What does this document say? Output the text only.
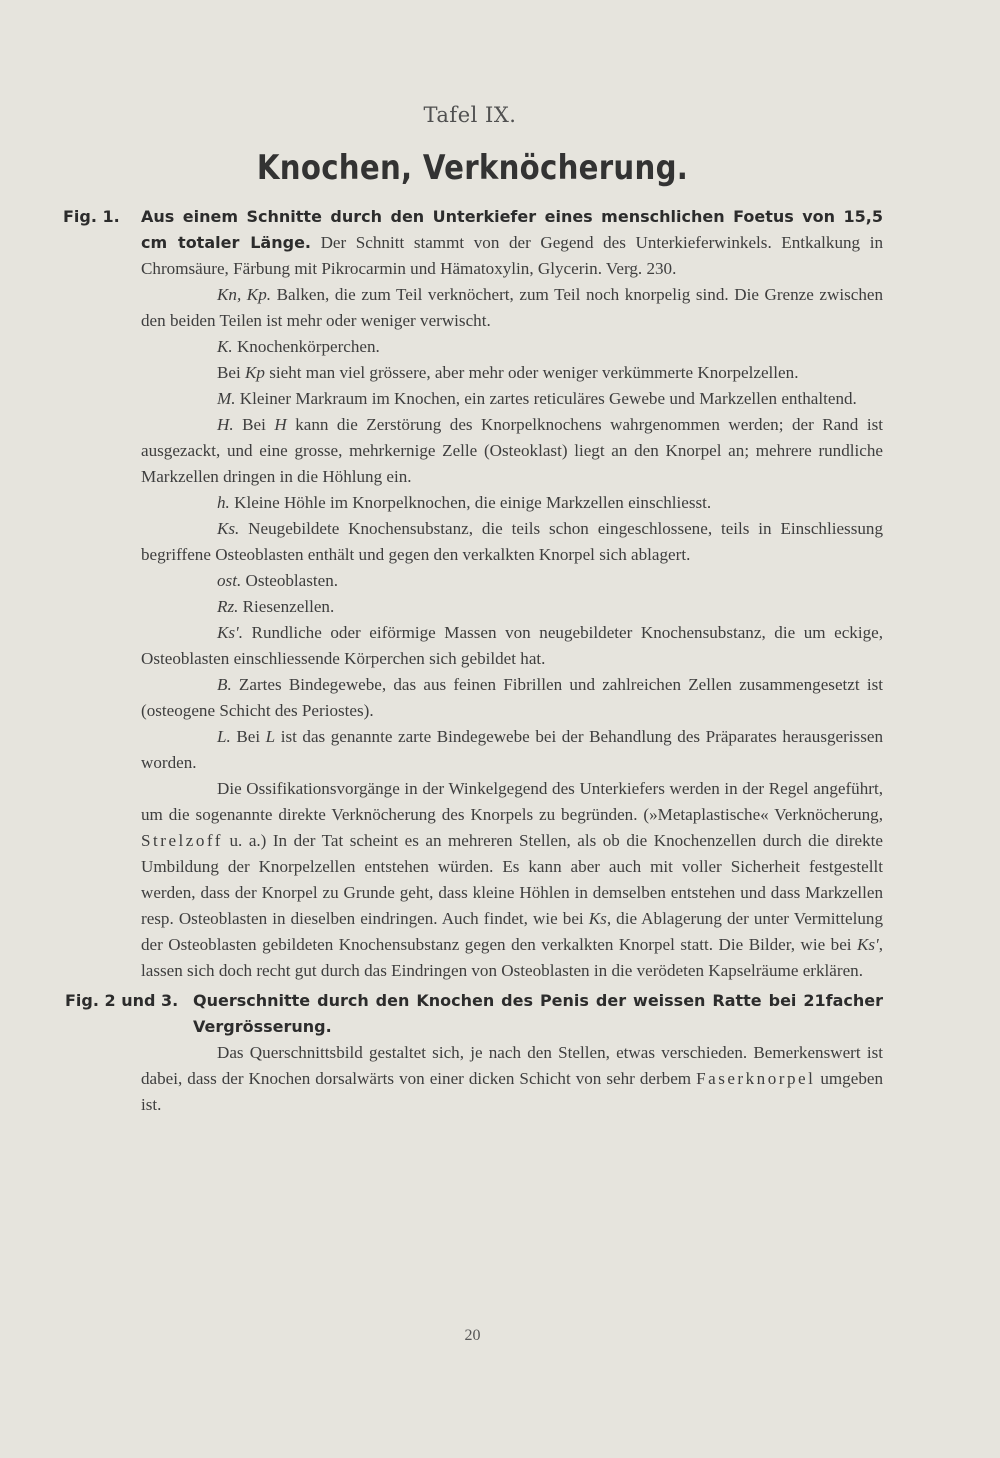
Tafel IX.
Knochen, Verknöcherung.
Fig. 1. Aus einem Schnitte durch den Unterkiefer eines menschlichen Foetus von 15,5 cm totaler Länge. Der Schnitt stammt von der Gegend des Unterkieferwinkels. Entkalkung in Chromsäure, Färbung mit Pikrocarmin und Hämatoxylin, Glycerin. Verg. 230.

Kn, Kp. Balken, die zum Teil verknöchert, zum Teil noch knorpelig sind. Die Grenze zwischen den beiden Teilen ist mehr oder weniger verwischt.

K. Knochenkörperchen.

Bei Kp sieht man viel grössere, aber mehr oder weniger verkümmerte Knorpelzellen.

M. Kleiner Markraum im Knochen, ein zartes reticuläres Gewebe und Markzellen enthaltend.

H. Bei H kann die Zerstörung des Knorpelknochens wahrgenommen werden; der Rand ist ausgezackt, und eine grosse, mehrkernige Zelle (Osteoklast) liegt an den Knorpel an; mehrere rundliche Markzellen dringen in die Höhlung ein.

h. Kleine Höhle im Knorpelknochen, die einige Markzellen einschliesst.

Ks. Neugebildete Knochensubstanz, die teils schon eingeschlossene, teils in Einschliessung begriffene Osteoblasten enthält und gegen den verkalkten Knorpel sich ablagert.

ost. Osteoblasten.

Rz. Riesenzellen.

Ks'. Rundliche oder eiförmige Massen von neugebildeter Knochensubstanz, die um eckige, Osteoblasten einschliessende Körperchen sich gebildet hat.

B. Zartes Bindegewebe, das aus feinen Fibrillen und zahlreichen Zellen zusammengesetzt ist (osteogene Schicht des Periostes).

L. Bei L ist das genannte zarte Bindegewebe bei der Behandlung des Präparates herausgerissen worden.

Die Ossifikationsvorgänge in der Winkelgegend des Unterkiefers werden in der Regel angeführt, um die sogenannte direkte Verknöcherung des Knorpels zu begründen. (»Metaplastische« Verknöcherung, Strelzoff u. a.) In der Tat scheint es an mehreren Stellen, als ob die Knochenzellen durch die direkte Umbildung der Knorpelzellen entstehen würden. Es kann aber auch mit voller Sicherheit festgestellt werden, dass der Knorpel zu Grunde geht, dass kleine Höhlen in demselben entstehen und dass Markzellen resp. Osteoblasten in dieselben eindringen. Auch findet, wie bei Ks, die Ablagerung der unter Vermittelung der Osteoblasten gebildeten Knochensubstanz gegen den verkalkten Knorpel statt. Die Bilder, wie bei Ks', lassen sich doch recht gut durch das Eindringen von Osteoblasten in die verödeten Kapselräume erklären.

Fig. 2 und 3. Querschnitte durch den Knochen des Penis der weissen Ratte bei 21facher Vergrösserung.

Das Querschnittsbild gestaltet sich, je nach den Stellen, etwas verschieden. Bemerkenswert ist dabei, dass der Knochen dorsalwärts von einer dicken Schicht von sehr derbem Faserknorpel umgeben ist.

20
